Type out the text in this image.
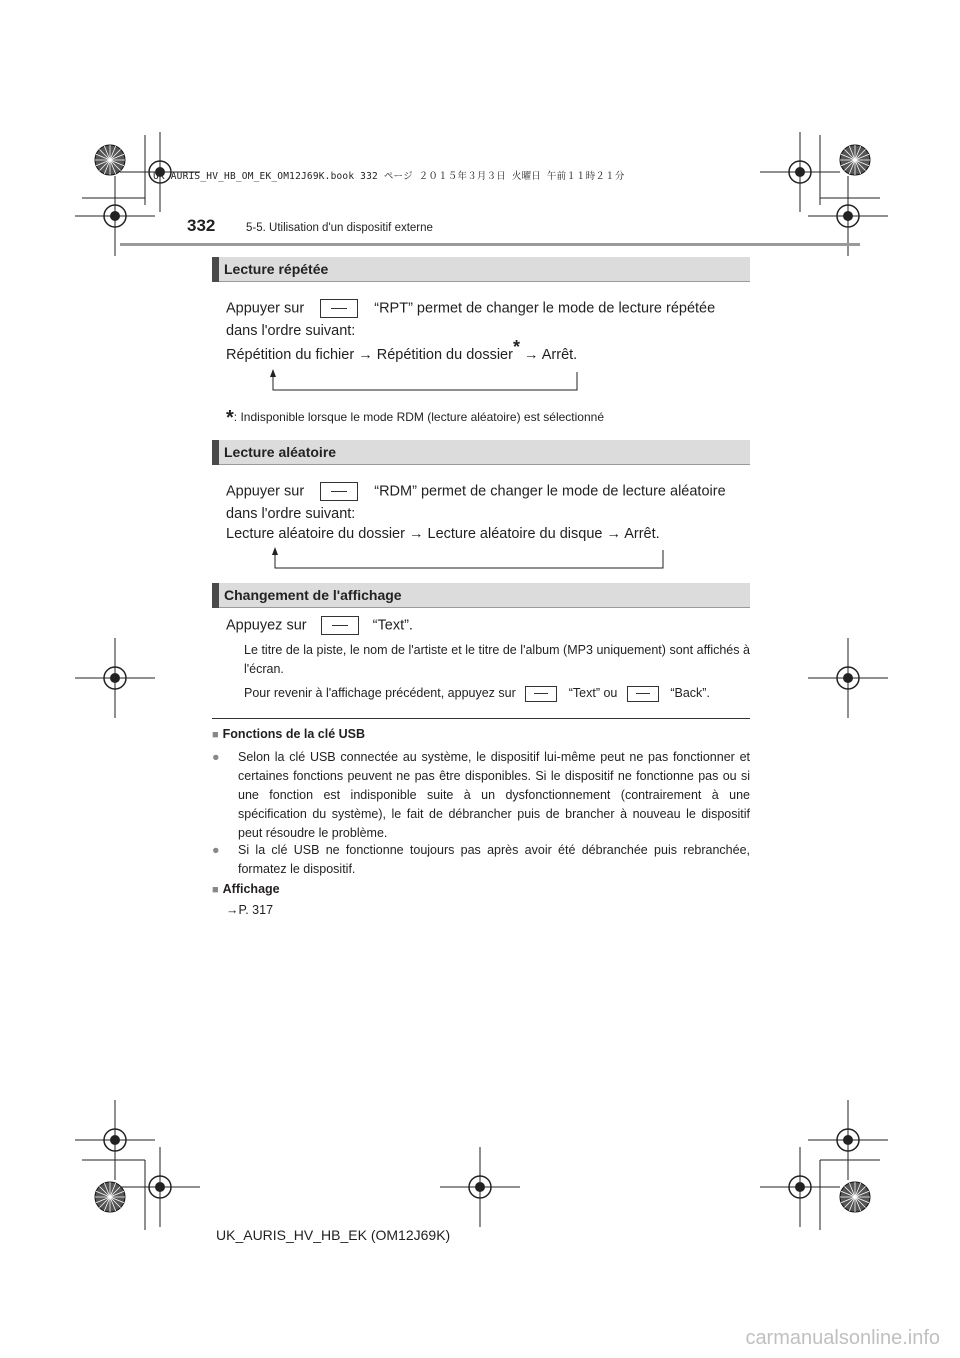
UK AURIS_HV_HB_OM_EK_OM12J69K.book 332 ページ ２０１５年３月３日 火曜日 午前１１時２１分
332	5-5. Utilisation d'un dispositif externe
Lecture répétée
Appuyer sur	“RPT” permet de changer le mode de lecture répétée
dans l'ordre suivant:
Répétition du fichier → Répétition du dossier* → Arrêt.
*: Indisponible lorsque le mode RDM (lecture aléatoire) est sélectionné
Lecture aléatoire
Appuyer sur	“RDM” permet de changer le mode de lecture aléatoire
dans l'ordre suivant:
Lecture aléatoire du dossier → Lecture aléatoire du disque → Arrêt.
Changement de l'affichage
Appuyez sur	“Text”.
Le titre de la piste, le nom de l'artiste et le titre de l'album (MP3 uniquement) sont affichés à l'écran.
Pour revenir à l'affichage précédent, appuyez sur	“Text” ou	“Back”.
■ Fonctions de la clé USB
● Selon la clé USB connectée au système, le dispositif lui-même peut ne pas fonctionner et certaines fonctions peuvent ne pas être disponibles. Si le dispositif ne fonctionne pas ou si une fonction est indisponible suite à un dysfonctionnement (contrairement à une spécification du système), le fait de débrancher puis de brancher à nouveau le dispositif peut résoudre le problème.
● Si la clé USB ne fonctionne toujours pas après avoir été débranchée puis rebranchée, formatez le dispositif.
■ Affichage
→P. 317
UK_AURIS_HV_HB_EK (OM12J69K)
carmanualsonline.info
